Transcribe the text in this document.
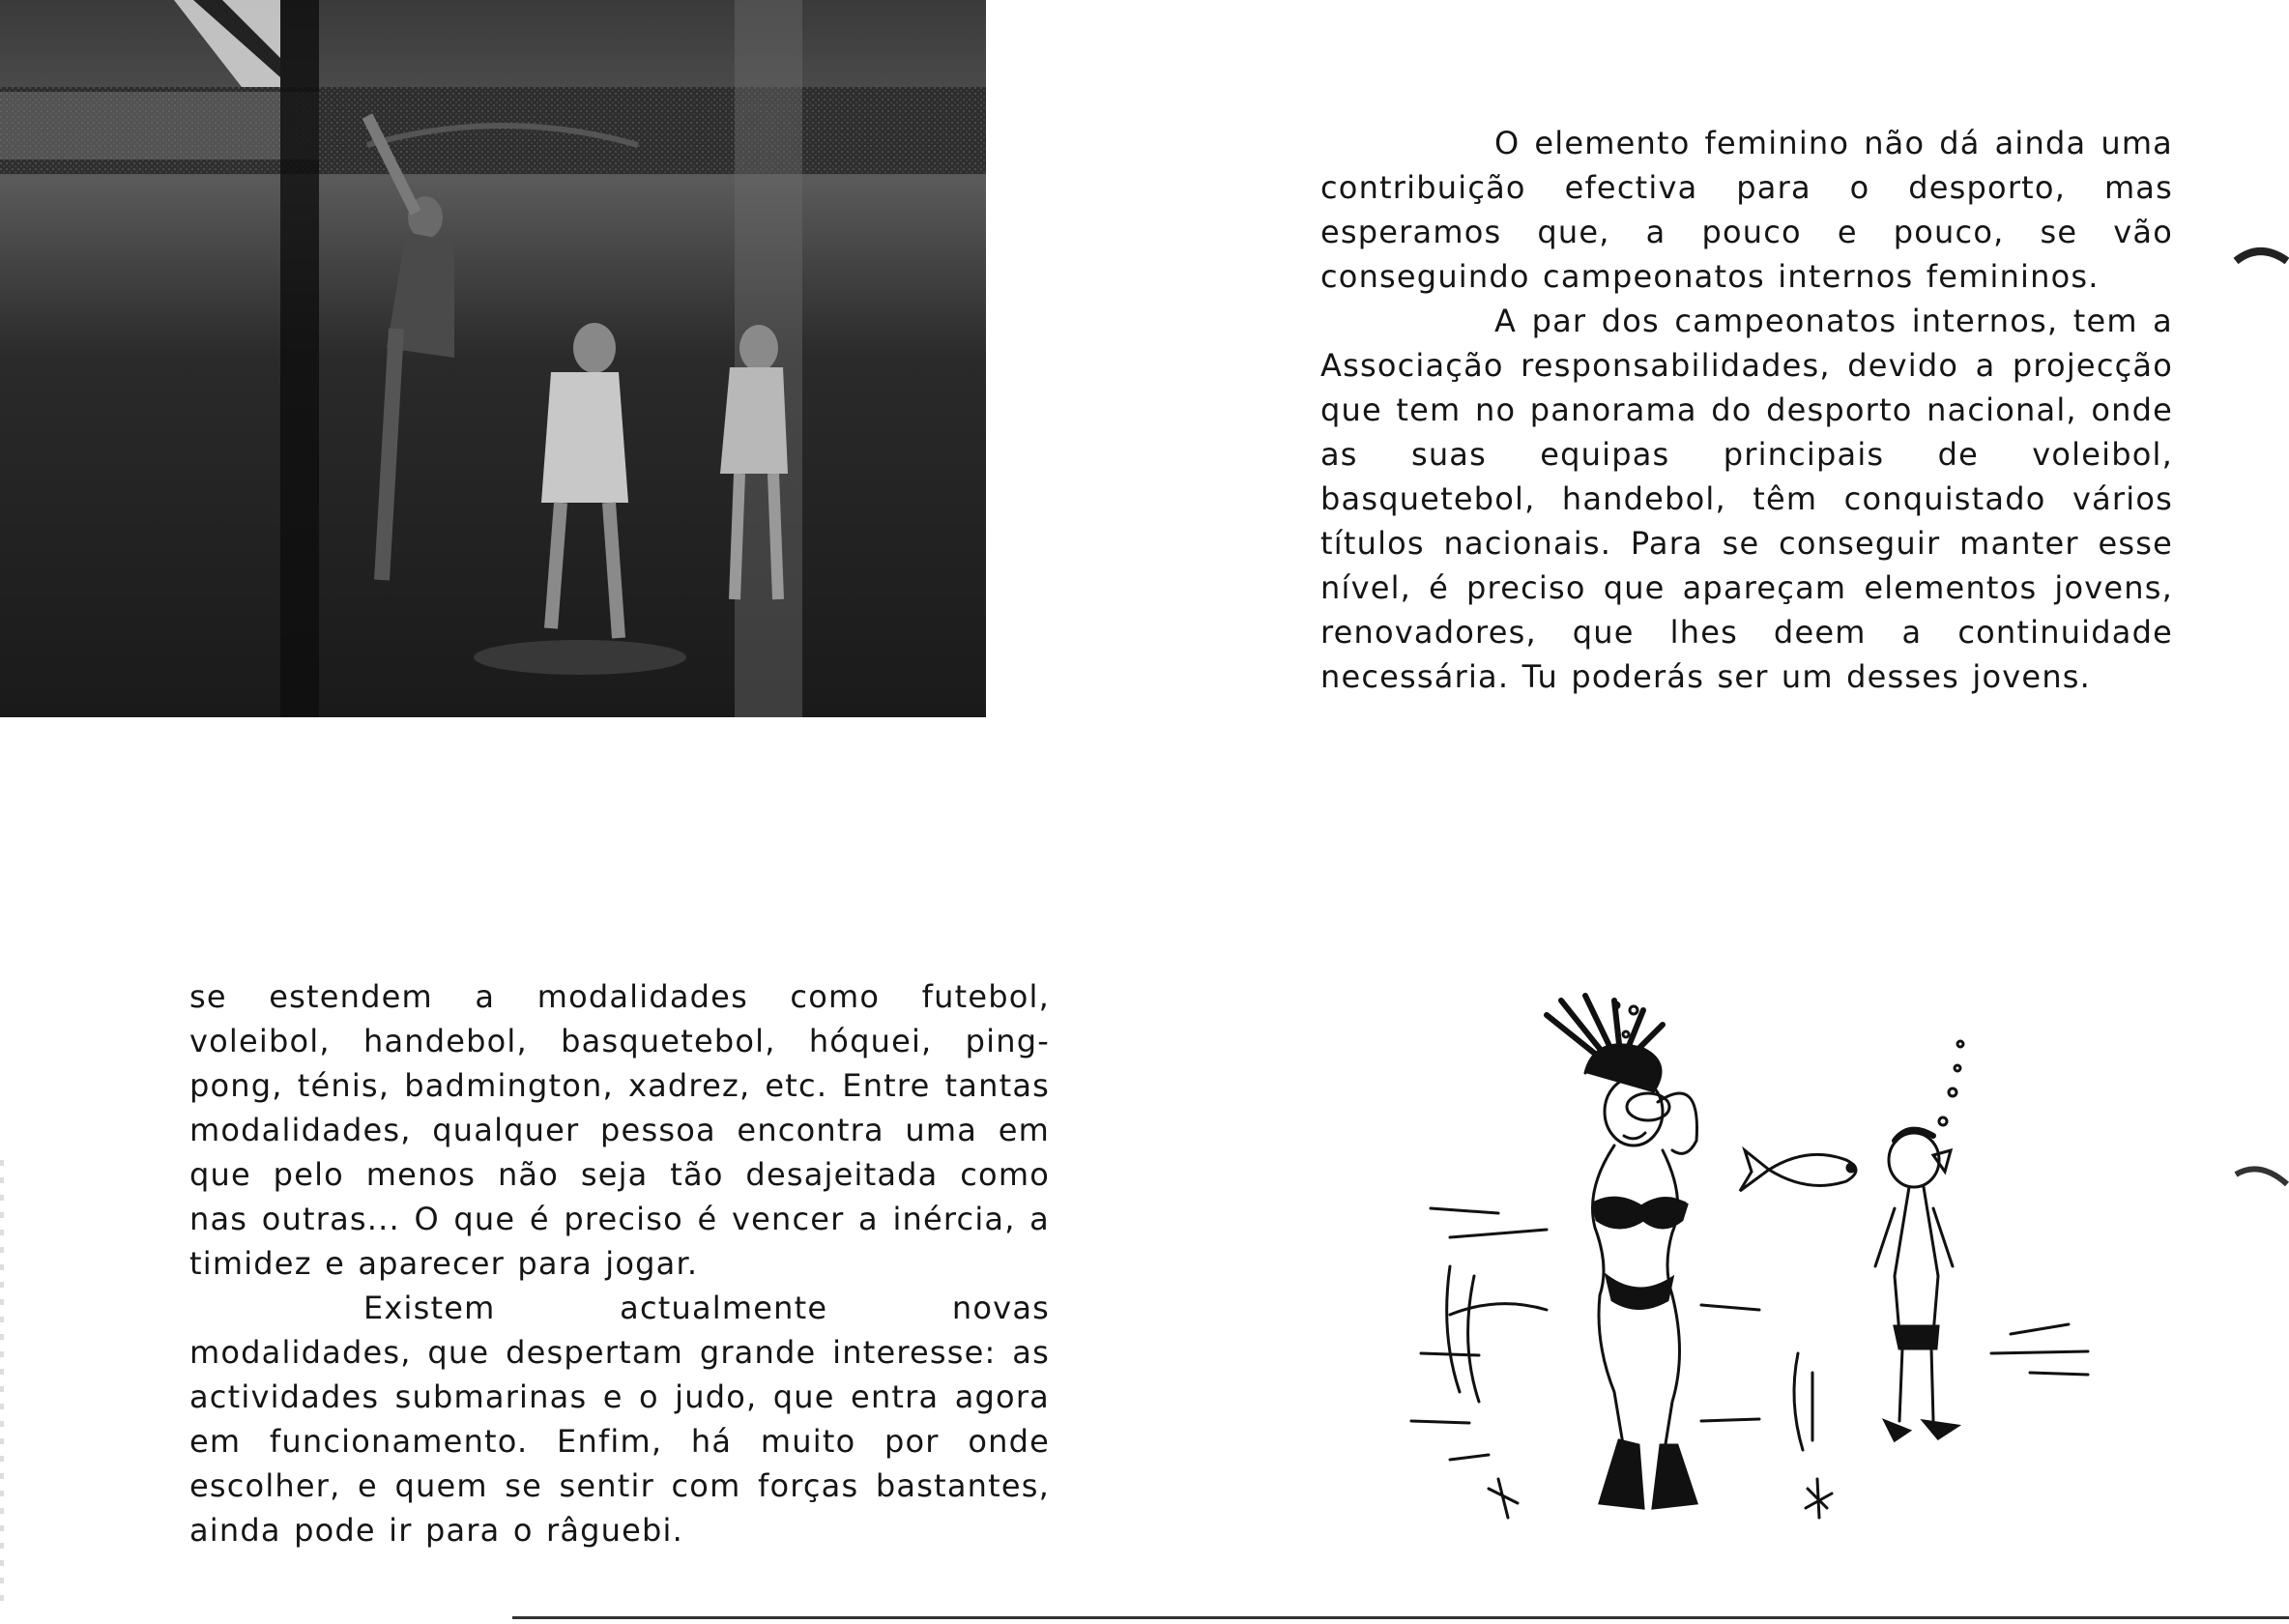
O elemento feminino não dá ainda uma contribuição efectiva para o desporto, mas esperamos que, a pouco e pouco, se vão conseguindo campeonatos internos femininos.

A par dos campeonatos internos, tem a Associação responsabilidades, devido a projecção que tem no panorama do desporto nacional, onde as suas equipas principais de voleibol, basquetebol, handebol, têm conquistado vários títulos nacionais. Para se conseguir manter esse nível, é preciso que apareçam elementos jovens, renovadores, que lhes deem a continuidade necessária. Tu poderás ser um desses jovens.

se estendem a modalidades como futebol, voleibol, handebol, basquetebol, hóquei, ping-pong, ténis, badmington, xadrez, etc. Entre tantas modalidades, qualquer pessoa encontra uma em que pelo menos não seja tão desajeitada como nas outras... O que é preciso é vencer a inércia, a timidez e aparecer para jogar.

Existem actualmente novas modalidades, que despertam grande interesse: as actividades submarinas e o judo, que entra agora em funcionamento. Enfim, há muito por onde escolher, e quem se sentir com forças bastantes, ainda pode ir para o râguebi.
